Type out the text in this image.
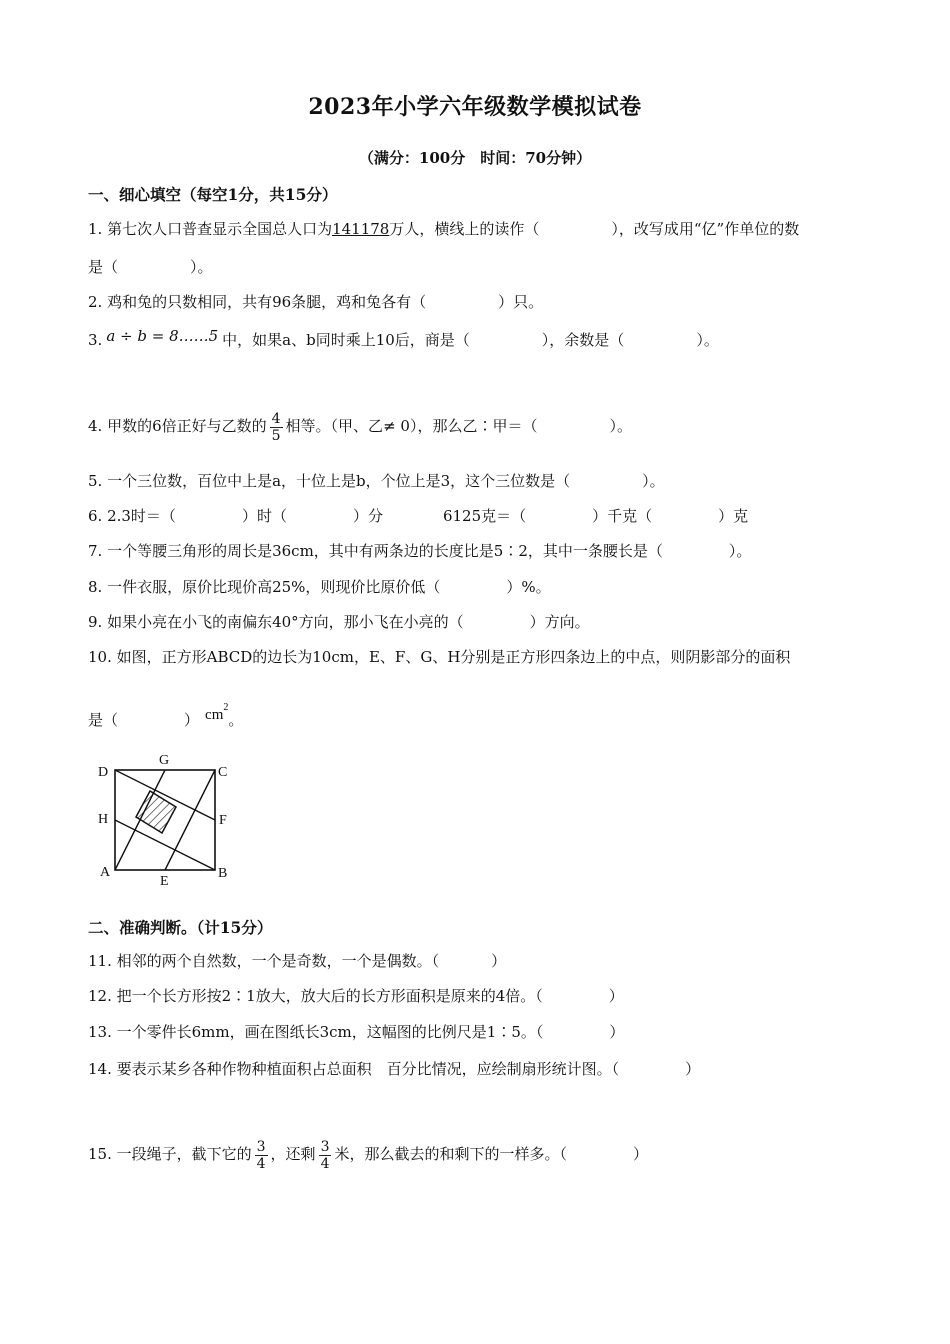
2023年小学六年级数学模拟试卷
（满分：100分　时间：70分钟）
一、细心填空（每空1分，共15分）
1. 第七次人口普查显示全国总人口为141178万人，横线上的读作（	），改写成用“亿”作单位的数
是（	）。
2. 鸡和兔的只数相同，共有96条腿，鸡和兔各有（	）只。
3. a ÷ b = 8……5 中，如果a、b同时乘上10后，商是（	），余数是（	）。
4. 甲数的6倍正好与乙数的 $\frac{4}{5}$ 相等。（甲、乙≠ 0），那么乙∶甲＝（	）。
5. 一个三位数，百位中上是a，十位上是b，个位上是3，这个三位数是（	）。
6. 2.3时＝（	）时（	）分	6125克＝（	）千克（	）克
7. 一个等腰三角形的周长是36cm，其中有两条边的长度比是5∶2，其中一条腰长是（	）。
8. 一件衣服，原价比现价高25%，则现价比原价低（	）%。
9. 如果小亮在小飞的南偏东40°方向，那小飞在小亮的（	）方向。
10. 如图，正方形ABCD的边长为10cm，E、F、G、H分别是正方形四条边上的中点，则阴影部分的面积
是（	） $cm^2$。
D	C
G
H	F
A	B
E
二、准确判断。（计15分）
11. 相邻的两个自然数，一个是奇数，一个是偶数。（	）
12. 把一个长方形按2∶1放大，放大后的长方形面积是原来的4倍。（	）
13. 一个零件长6mm，画在图纸长3cm，这幅图的比例尺是1∶5。（	）
14. 要表示某乡各种作物种植面积占总面积　百分比情况，应绘制扇形统计图。（	）
15. 一段绳子，截下它的 $\frac{3}{4}$ ，还剩 $\frac{3}{4}$ 米，那么截去的和剩下的一样多。（	）
